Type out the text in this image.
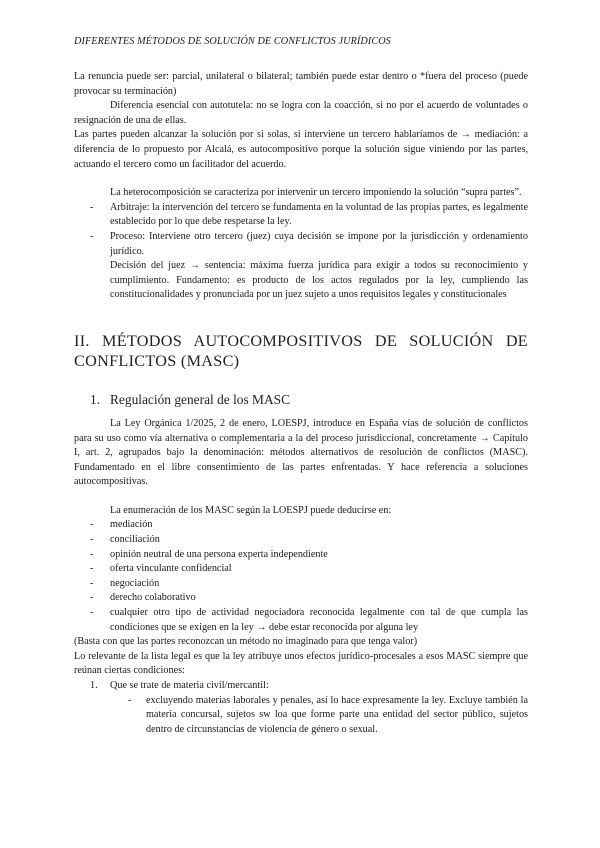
DIFERENTES MÉTODOS DE SOLUCIÓN DE CONFLICTOS JURÍDICOS

La renuncia puede ser: parcial, unilateral o bilateral; también puede estar dentro o *fuera del proceso (puede provocar su terminación)

Diferencia esencial con autotutela: no se logra con la coacción, si no por el acuerdo de voluntades o resignación de una de ellas.

Las partes pueden alcanzar la solución por si solas, si interviene un tercero hablaríamos de → mediación: a diferencia de lo propuesto por Alcalá, es autocompositivo porque la solución sigue viniendo por las partes, actuando el tercero como un facilitador del acuerdo.

La heterocomposición se caracteriza por intervenir un tercero imponiendo la solución “supra partes”.

- Arbitraje: la intervención del tercero se fundamenta en la voluntad de las propias partes, es legalmente establecido por lo que debe respetarse la ley.
- Proceso: Interviene otro tercero (juez) cuya decisión se impone por la jurisdicción y ordenamiento jurídico.
Decisión del juez → sentencia: máxima fuerza jurídica para exigir a todos su reconocimiento y cumplimiento. Fundamento: es producto de los actos regulados por la ley, cumpliendo las constitucionalidades y pronunciada por un juez sujeto a unos requisitos legales y constitucionales
II. MÉTODOS AUTOCOMPOSITIVOS DE SOLUCIÓN DE CONFLICTOS (MASC)
1. Regulación general de los MASC

La Ley Orgánica 1/2025, 2 de enero, LOESPJ, introduce en España vías de solución de conflictos para su uso como vía alternativa o complementaria a la del proceso jurisdiccional, concretamente → Capítulo I, art. 2, agrupados bajo la denominación: métodos alternativos de resolución de conflictos (MASC). Fundamentado en el libre consentimiento de las partes enfrentadas. Y hace referencia a soluciones autocompositivas.

La enumeración de los MASC según la LOESPJ puede deducirse en:

- mediación
- conciliación
- opinión neutral de una persona experta independiente
- oferta vinculante confidencial
- negociación
- derecho colaborativo
- cualquier otro tipo de actividad negociadora reconocida legalmente con tal de que cumpla las condiciones que se exigen en la ley → debe estar reconocida por alguna ley

(Basta con que las partes reconozcan un método no imaginado para que tenga valor)

Lo relevante de la lista legal es que la ley atribuye unos efectos jurídico-procesales a esos MASC siempre que reúnan ciertas condiciones:

1. Que se trate de materia civil/mercantil:
- excluyendo materias laborales y penales, así lo hace expresamente la ley. Excluye también la materia concursal, sujetos sw loa que forme parte una entidad del sector público, sujetos dentro de circunstancias de violencia de género o sexual.
